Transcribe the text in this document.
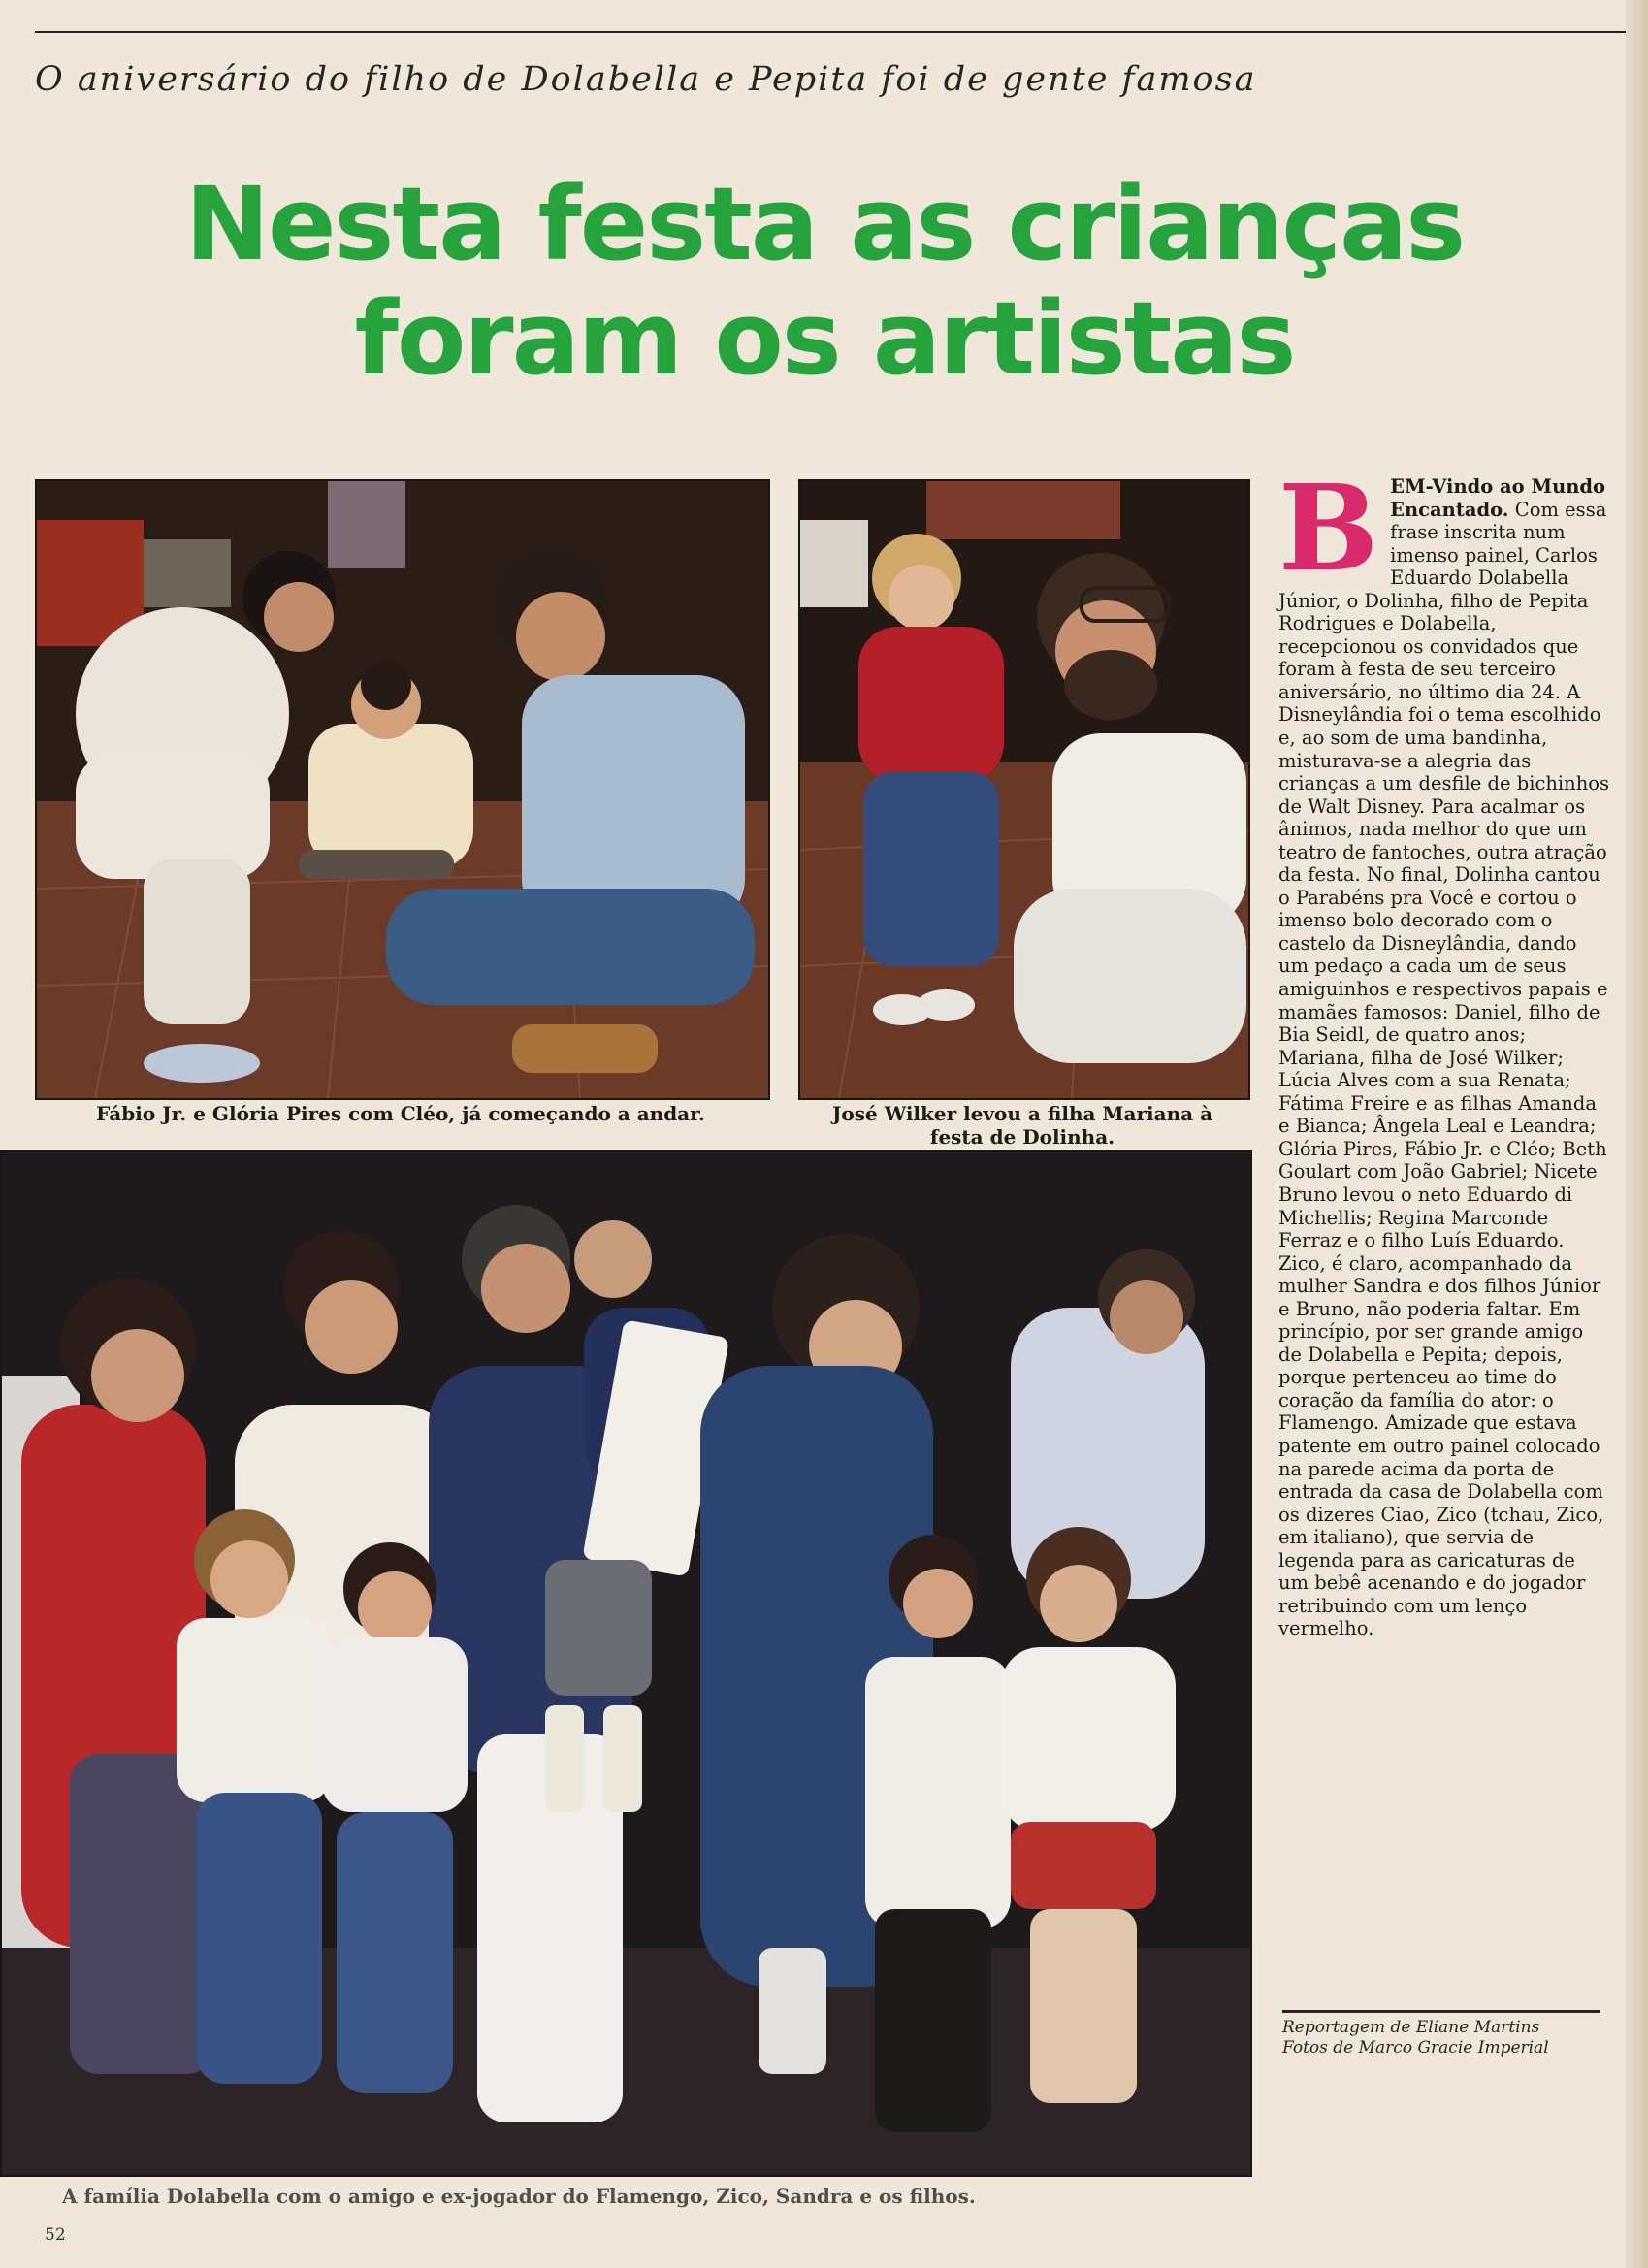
O aniversário do filho de Dolabella e Pepita foi de gente famosa
Nesta festa as crianças
foram os artistas
Fábio Jr. e Glória Pires com Cléo, já começando a andar.	José Wilker levou a filha Mariana à festa de Dolinha.
A família Dolabella com o amigo e ex-jogador do Flamengo, Zico, Sandra e os filhos.
BEM-Vindo ao Mundo Encantado. Com essa frase inscrita num imenso painel, Carlos Eduardo Dolabella Júnior, o Dolinha, filho de Pepita Rodrigues e Dolabella, recepcionou os convidados que foram à festa de seu terceiro aniversário, no último dia 24. A Disneylândia foi o tema escolhido e, ao som de uma bandinha, misturava-se a alegria das crianças a um desfile de bichinhos de Walt Disney. Para acalmar os ânimos, nada melhor do que um teatro de fantoches, outra atração da festa. No final, Dolinha cantou o Parabéns pra Você e cortou o imenso bolo decorado com o castelo da Disneylândia, dando um pedaço a cada um de seus amiguinhos e respectivos papais e mamães famosos: Daniel, filho de Bia Seidl, de quatro anos; Mariana, filha de José Wilker; Lúcia Alves com a sua Renata; Fátima Freire e as filhas Amanda e Bianca; Ângela Leal e Leandra; Glória Pires, Fábio Jr. e Cléo; Beth Goulart com João Gabriel; Nicete Bruno levou o neto Eduardo di Michellis; Regina Marconde Ferraz e o filho Luís Eduardo. Zico, é claro, acompanhado da mulher Sandra e dos filhos Júnior e Bruno, não poderia faltar. Em princípio, por ser grande amigo de Dolabella e Pepita; depois, porque pertenceu ao time do coração da família do ator: o Flamengo. Amizade que estava patente em outro painel colocado na parede acima da porta de entrada da casa de Dolabella com os dizeres Ciao, Zico (tchau, Zico, em italiano), que servia de legenda para as caricaturas de um bebê acenando e do jogador retribuindo com um lenço vermelho.
Reportagem de Eliane Martins
Fotos de Marco Gracie Imperial
52
